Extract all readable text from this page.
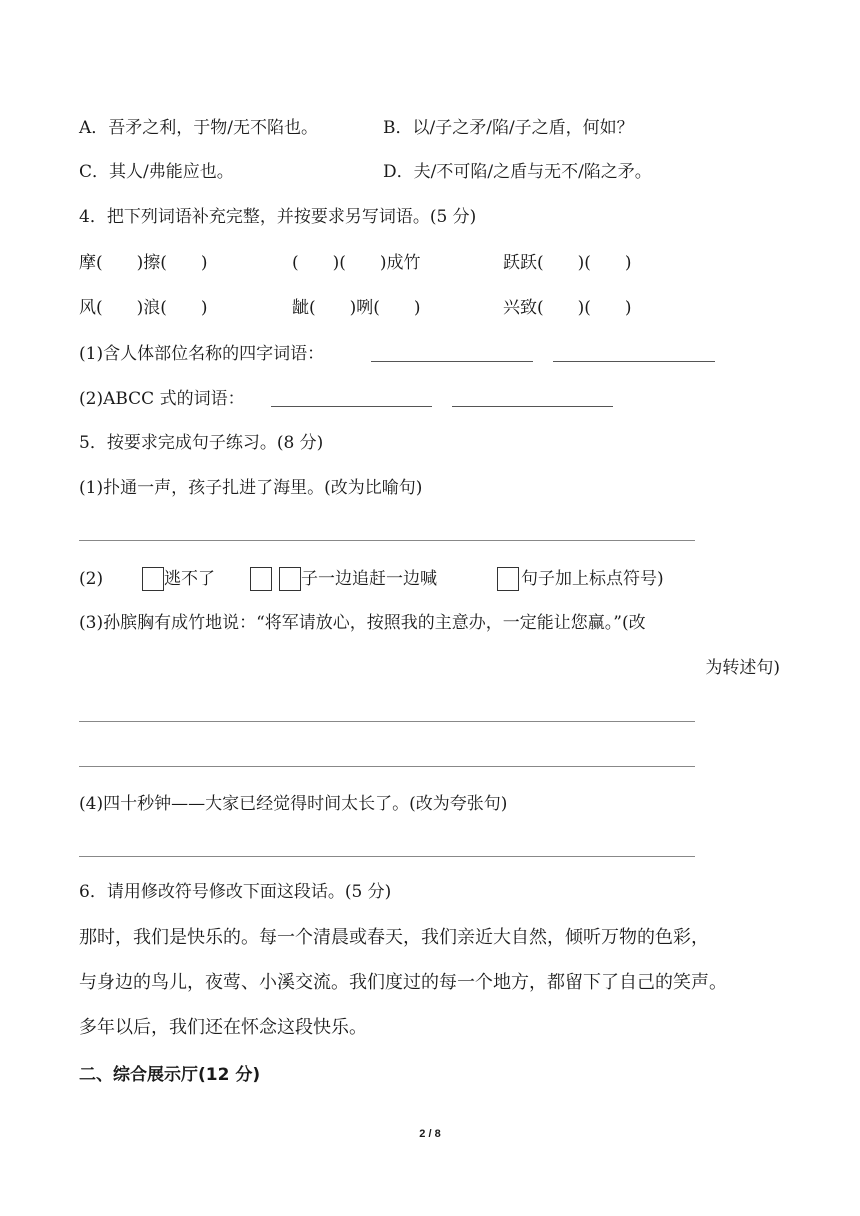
A．吾矛之利，于物/无不陷也。	B．以/子之矛/陷/子之盾，何如？
C．其人/弗能应也。	D．夫/不可陷/之盾与无不/陷之矛。
4．把下列词语补充完整，并按要求另写词语。(5 分)
摩(　　)擦(　　)	(　　)(　　)成竹	跃跃(　　)(　　)
风(　　)浪(　　)	龇(　　)咧(　　)	兴致(　　)(　　)
(1)含人体部位名称的四字词语：
(2)ABCC 式的词语：
5．按要求完成句子练习。(8 分)
(1)扑通一声，孩子扎进了海里。(改为比喻句)
(2)	逃不了	子一边追赶一边喊	句子加上标点符号)
(3)孙膑胸有成竹地说：“将军请放心，按照我的主意办，一定能让您赢。”(改
为转述句)
(4)四十秒钟——大家已经觉得时间太长了。(改为夸张句)
6．请用修改符号修改下面这段话。(5 分)
那时，我们是快乐的。每一个清晨或春天，我们亲近大自然，倾听万物的色彩，
与身边的鸟儿，夜莺、小溪交流。我们度过的每一个地方，都留下了自己的笑声。
多年以后，我们还在怀念这段快乐。
二、综合展示厅(12 分)
2 / 8
